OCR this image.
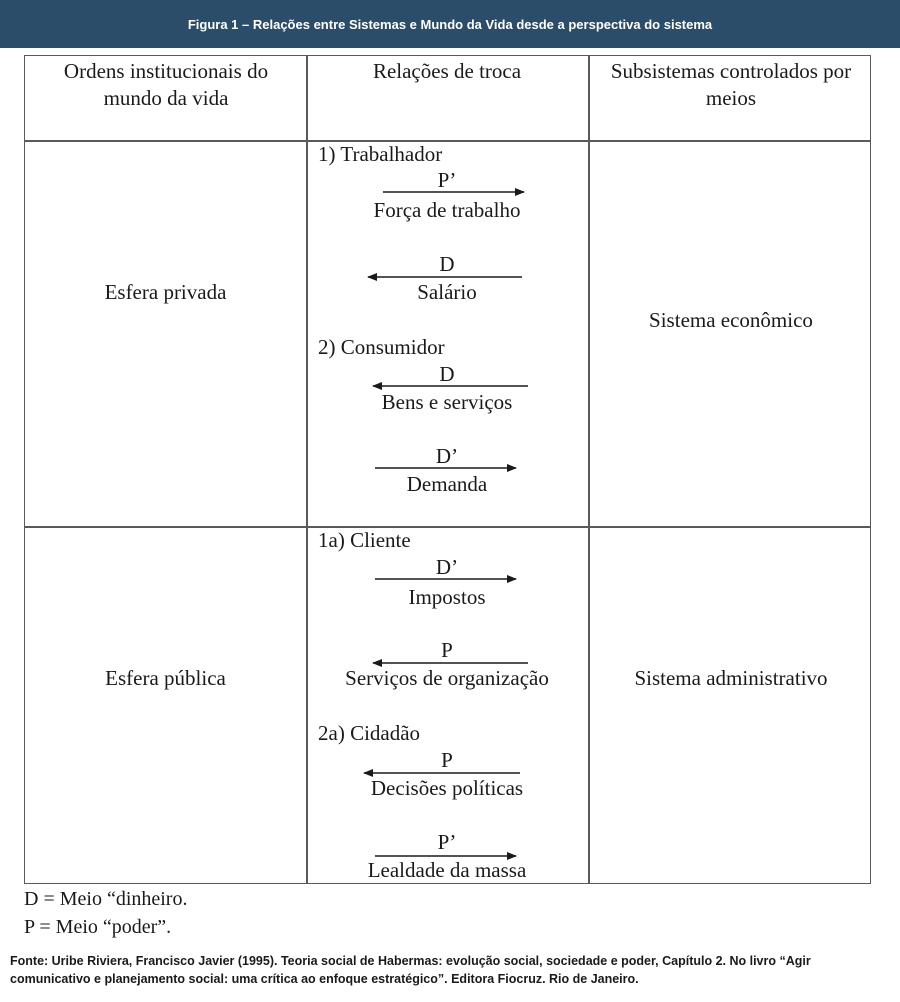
Figura 1 – Relações entre Sistemas e Mundo da Vida desde a perspectiva do sistema
Ordens institucionais do mundo da vida
Relações de troca	Subsistemas controlados por meios
Esfera privada
Sistema econômico
Esfera pública	Sistema administrativo
1) Trabalhador
P’
Força de trabalho
D
Salário
2) Consumidor
D
Bens e serviços
D’
Demanda
1a) Cliente
D’
Impostos
P
Serviços de organização
2a) Cidadão
P
Decisões políticas
P’
Lealdade da massa
D = Meio “dinheiro.
P = Meio “poder”.
Fonte: Uribe Riviera, Francisco Javier (1995). Teoria social de Habermas: evolução social, sociedade e poder, Capítulo 2. No livro “Agir comunicativo e planejamento social: uma crítica ao enfoque estratégico”. Editora Fiocruz. Rio de Janeiro.
